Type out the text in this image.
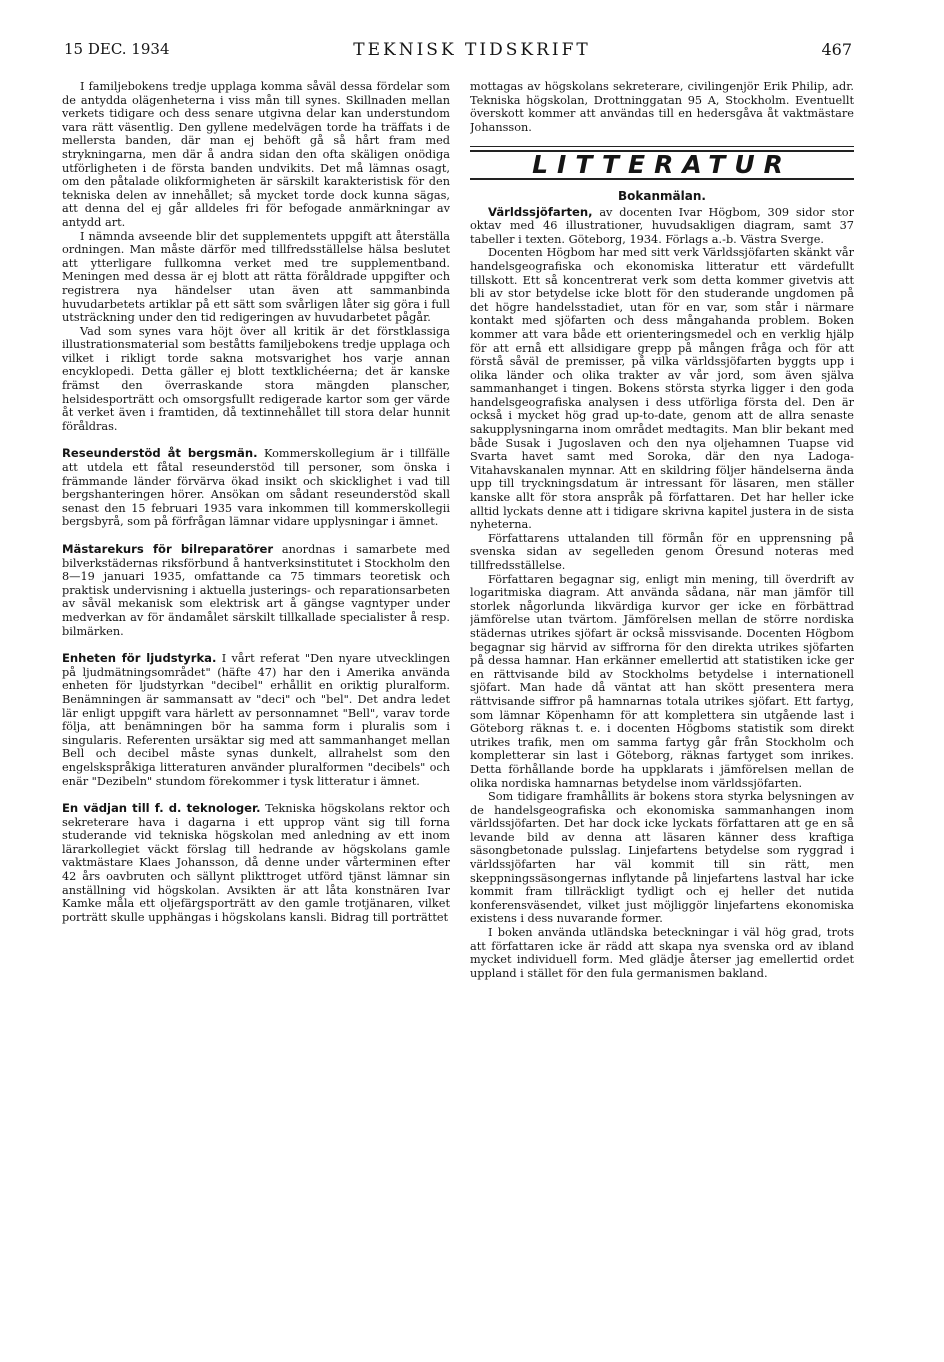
15 DEC. 1934	TEKNISK TIDSKRIFT	467

I familjebokens tredje upplaga komma såväl dessa fördelar som de antydda olägenheterna i viss mån till synes. Skillnaden mellan verkets tidigare och dess senare utgivna delar kan understundom vara rätt väsentlig. Den gyllene medelvägen torde ha träffats i de mellersta banden, där man ej behöft gå så hårt fram med strykningarna, men där å andra sidan den ofta skäligen onödiga utförligheten i de första banden undvikits. Det må lämnas osagt, om den påtalade olikformigheten är särskilt karakteristisk för den tekniska delen av innehållet; så mycket torde dock kunna sägas, att denna del ej går alldeles fri för befogade anmärkningar av antydd art.

I nämnda avseende blir det supplementets uppgift att återställa ordningen. Man måste därför med tillfredsställelse hälsa beslutet att ytterligare fullkomna verket med tre supplementband. Meningen med dessa är ej blott att rätta föråldrade uppgifter och registrera nya händelser utan även att sammanbinda huvudarbetets artiklar på ett sätt som svårligen låter sig göra i full utsträckning under den tid redigeringen av huvudarbetet pågår.

Vad som synes vara höjt över all kritik är det förstklassiga illustrationsmaterial som beståtts familjebokens tredje upplaga och vilket i rikligt torde sakna motsvarighet hos varje annan encyklopedi. Detta gäller ej blott textklichéerna; det är kanske främst den överraskande stora mängden planscher, helsidesporträtt och omsorgsfullt redigerade kartor som ger värde åt verket även i framtiden, då textinnehållet till stora delar hunnit föråldras.

Reseunderstöd åt bergsmän. Kommerskollegium är i tillfälle att utdela ett fåtal reseunderstöd till personer, som önska i främmande länder förvärva ökad insikt och skicklighet i vad till bergshanteringen hörer. Ansökan om sådant reseunderstöd skall senast den 15 februari 1935 vara inkommen till kommerskollegii bergsbyrå, som på förfrågan lämnar vidare upplysningar i ämnet.

Mästarekurs för bilreparatörer anordnas i samarbete med bilverkstädernas riksförbund å hantverksinstitutet i Stockholm den 8—19 januari 1935, omfattande ca 75 timmars teoretisk och praktisk undervisning i aktuella justerings- och reparationsarbeten av såväl mekanisk som elektrisk art å gängse vagntyper under medverkan av för ändamålet särskilt tillkallade specialister å resp. bilmärken.

Enheten för ljudstyrka. I vårt referat "Den nyare utvecklingen på ljudmätningsområdet" (häfte 47) har den i Amerika använda enheten för ljudstyrkan "decibel" erhållit en oriktig pluralform. Benämningen är sammansatt av "deci" och "bel". Det andra ledet lär enligt uppgift vara härlett av personnamnet "Bell", varav torde följa, att benämningen bör ha samma form i pluralis som i singularis. Referenten ursäktar sig med att sammanhanget mellan Bell och decibel måste synas dunkelt, allrahelst som den engelskspråkiga litteraturen använder pluralformen "decibels" och enär "Dezibeln" stundom förekommer i tysk litteratur i ämnet.

En vädjan till f. d. teknologer. Tekniska högskolans rektor och sekreterare hava i dagarna i ett upprop vänt sig till forna studerande vid tekniska högskolan med anledning av ett inom lärarkollegiet väckt förslag till hedrande av högskolans gamle vaktmästare Klaes Johansson, då denne under vårterminen efter 42 års oavbruten och sällynt plikttroget utförd tjänst lämnar sin anställning vid högskolan. Avsikten är att låta konstnären Ivar Kamke måla ett oljefärgsporträtt av den gamle trotjänaren, vilket porträtt skulle upphängas i högskolans kansli. Bidrag till porträttet

mottagas av högskolans sekreterare, civilingenjör Erik Philip, adr. Tekniska högskolan, Drottninggatan 95 A, Stockholm. Eventuellt överskott kommer att användas till en hedersgåva åt vaktmästare Johansson.

LITTERATUR
Bokanmälan.

Världssjöfarten, av docenten Ivar Högbom, 309 sidor stor oktav med 46 illustrationer, huvudsakligen diagram, samt 37 tabeller i texten. Göteborg, 1934. Förlags a.-b. Västra Sverge.

Docenten Högbom har med sitt verk Världssjöfarten skänkt vår handelsgeografiska och ekonomiska litteratur ett värdefullt tillskott. Ett så koncentrerat verk som detta kommer givetvis att bli av stor betydelse icke blott för den studerande ungdomen på det högre handelsstadiet, utan för en var, som står i närmare kontakt med sjöfarten och dess mångahanda problem. Boken kommer att vara både ett orienteringsmedel och en verklig hjälp för att ernå ett allsidigare grepp på mången fråga och för att förstå såväl de premisser, på vilka världssjöfarten byggts upp i olika länder och olika trakter av vår jord, som även själva sammanhanget i tingen. Bokens största styrka ligger i den goda handelsgeografiska analysen i dess utförliga första del. Den är också i mycket hög grad up-to-date, genom att de allra senaste sakupplysningarna inom området medtagits. Man blir bekant med både Susak i Jugoslaven och den nya oljehamnen Tuapse vid Svarta havet samt med Soroka, där den nya Ladoga-Vitahavskanalen mynnar. Att en skildring följer händelserna ända upp till tryckningsdatum är intressant för läsaren, men ställer kanske allt för stora anspråk på författaren. Det har heller icke alltid lyckats denne att i tidigare skrivna kapitel justera in de sista nyheterna.

Författarens uttalanden till förmån för en upprensning på svenska sidan av segelleden genom Öresund noteras med tillfredsställelse.

Författaren begagnar sig, enligt min mening, till överdrift av logaritmiska diagram. Att använda sådana, när man jämför till storlek någorlunda likvärdiga kurvor ger icke en förbättrad jämförelse utan tvärtom. Jämförelsen mellan de större nordiska städernas utrikes sjöfart är också missvisande. Docenten Högbom begagnar sig härvid av siffrorna för den direkta utrikes sjöfarten på dessa hamnar. Han erkänner emellertid att statistiken icke ger en rättvisande bild av Stockholms betydelse i internationell sjöfart. Man hade då väntat att han skött presentera mera rättvisande siffror på hamnarnas totala utrikes sjöfart. Ett fartyg, som lämnar Köpenhamn för att komplettera sin utgående last i Göteborg räknas t. e. i docenten Högboms statistik som direkt utrikes trafik, men om samma fartyg går från Stockholm och kompletterar sin last i Göteborg, räknas fartyget som inrikes. Detta förhållande borde ha uppklarats i jämförelsen mellan de olika nordiska hamnarnas betydelse inom världssjöfarten.

Som tidigare framhållits är bokens stora styrka belysningen av de handelsgeografiska och ekonomiska sammanhangen inom världssjöfarten. Det har dock icke lyckats författaren att ge en så levande bild av denna att läsaren känner dess kraftiga säsongbetonade pulsslag. Linjefartens betydelse som ryggrad i världssjöfarten har väl kommit till sin rätt, men skeppningssäsongernas inflytande på linjefartens lastval har icke kommit fram tillräckligt tydligt och ej heller det nutida konferensväsendet, vilket just möjliggör linjefartens ekonomiska existens i dess nuvarande former.

I boken använda utländska beteckningar i väl hög grad, trots att författaren icke är rädd att skapa nya svenska ord av ibland mycket individuell form. Med glädje återser jag emellertid ordet uppland i stället för den fula germanismen bakland.
